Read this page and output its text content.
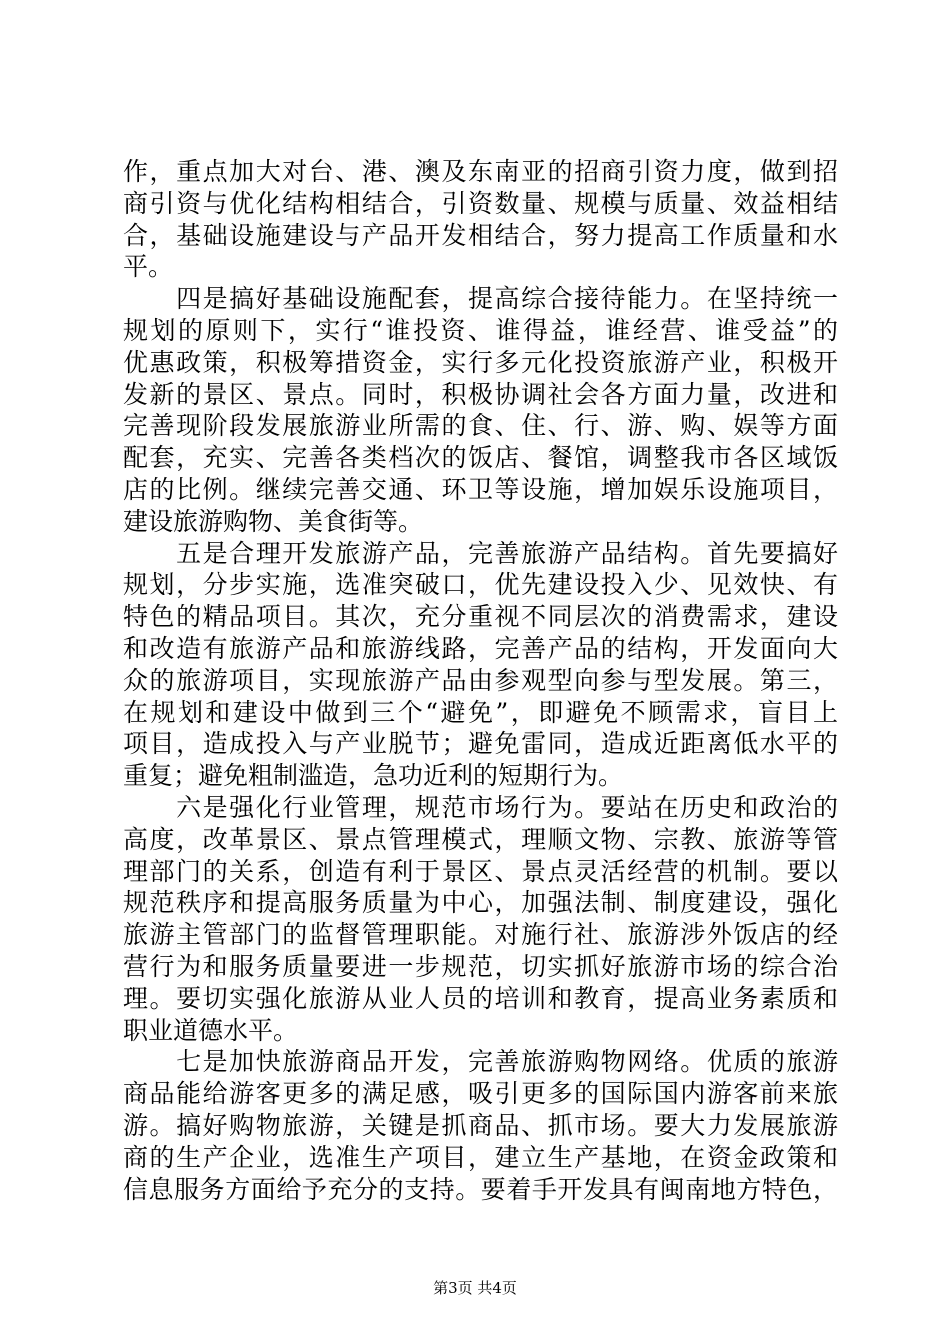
作，重点加大对台、港、澳及东南亚的招商引资力度，做到招
商引资与优化结构相结合，引资数量、规模与质量、效益相结
合，基础设施建设与产品开发相结合，努力提高工作质量和水
平。
　　四是搞好基础设施配套，提高综合接待能力。在坚持统一
规划的原则下，实行“谁投资、谁得益，谁经营、谁受益”的
优惠政策，积极筹措资金，实行多元化投资旅游产业，积极开
发新的景区、景点。同时，积极协调社会各方面力量，改进和
完善现阶段发展旅游业所需的食、住、行、游、购、娱等方面
配套，充实、完善各类档次的饭店、餐馆，调整我市各区域饭
店的比例。继续完善交通、环卫等设施，增加娱乐设施项目，
建设旅游购物、美食街等。
　　五是合理开发旅游产品，完善旅游产品结构。首先要搞好
规划，分步实施，选准突破口，优先建设投入少、见效快、有
特色的精品项目。其次，充分重视不同层次的消费需求，建设
和改造有旅游产品和旅游线路，完善产品的结构，开发面向大
众的旅游项目，实现旅游产品由参观型向参与型发展。第三，
在规划和建设中做到三个“避免”，即避免不顾需求，盲目上
项目，造成投入与产业脱节；避免雷同，造成近距离低水平的
重复；避免粗制滥造，急功近利的短期行为。
　　六是强化行业管理，规范市场行为。要站在历史和政治的
高度，改革景区、景点管理模式，理顺文物、宗教、旅游等管
理部门的关系，创造有利于景区、景点灵活经营的机制。要以
规范秩序和提高服务质量为中心，加强法制、制度建设，强化
旅游主管部门的监督管理职能。对施行社、旅游涉外饭店的经
营行为和服务质量要进一步规范，切实抓好旅游市场的综合治
理。要切实强化旅游从业人员的培训和教育，提高业务素质和
职业道德水平。
　　七是加快旅游商品开发，完善旅游购物网络。优质的旅游
商品能给游客更多的满足感，吸引更多的国际国内游客前来旅
游。搞好购物旅游，关键是抓商品、抓市场。要大力发展旅游
商的生产企业，选准生产项目，建立生产基地，在资金政策和
信息服务方面给予充分的支持。要着手开发具有闽南地方特色，
第3页 共4页
